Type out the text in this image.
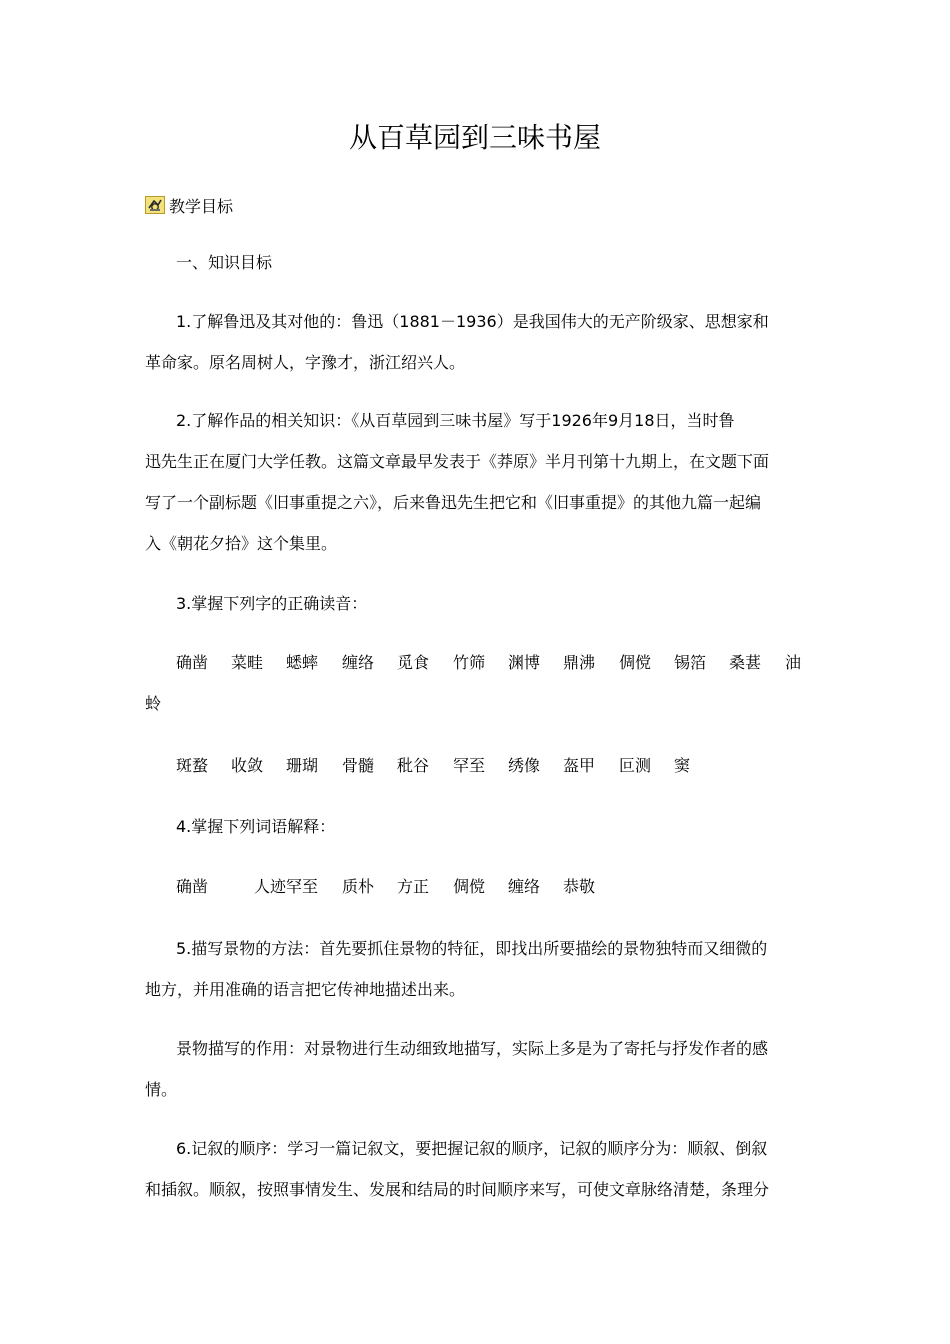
从百草园到三味书屋
教学目标
一、知识目标
1.了解鲁迅及其对他的：鲁迅（1881－1936）是我国伟大的无产阶级家、思想家和
革命家。原名周树人，字豫才，浙江绍兴人。
2.了解作品的相关知识：《从百草园到三味书屋》写于1926年9月18日，当时鲁
迅先生正在厦门大学任教。这篇文章最早发表于《莽原》半月刊第十九期上，在文题下面
写了一个副标题《旧事重提之六》，后来鲁迅先生把它和《旧事重提》的其他九篇一起编
入《朝花夕拾》这个集里。
3.掌握下列字的正确读音：
确凿 菜畦 蟋蟀 缠络 觅食 竹筛 渊博 鼎沸 倜傥 锡箔 桑葚 油
蛉
斑蝥 收敛 珊瑚 骨髓 秕谷 罕至 绣像 盔甲 叵测 窦
4.掌握下列词语解释：
确凿	人迹罕至 质朴 方正 倜傥 缠络 恭敬
5.描写景物的方法：首先要抓住景物的特征，即找出所要描绘的景物独特而又细微的
地方，并用准确的语言把它传神地描述出来。
景物描写的作用：对景物进行生动细致地描写，实际上多是为了寄托与抒发作者的感
情。
6.记叙的顺序：学习一篇记叙文，要把握记叙的顺序，记叙的顺序分为：顺叙、倒叙
和插叙。顺叙，按照事情发生、发展和结局的时间顺序来写，可使文章脉络清楚，条理分
